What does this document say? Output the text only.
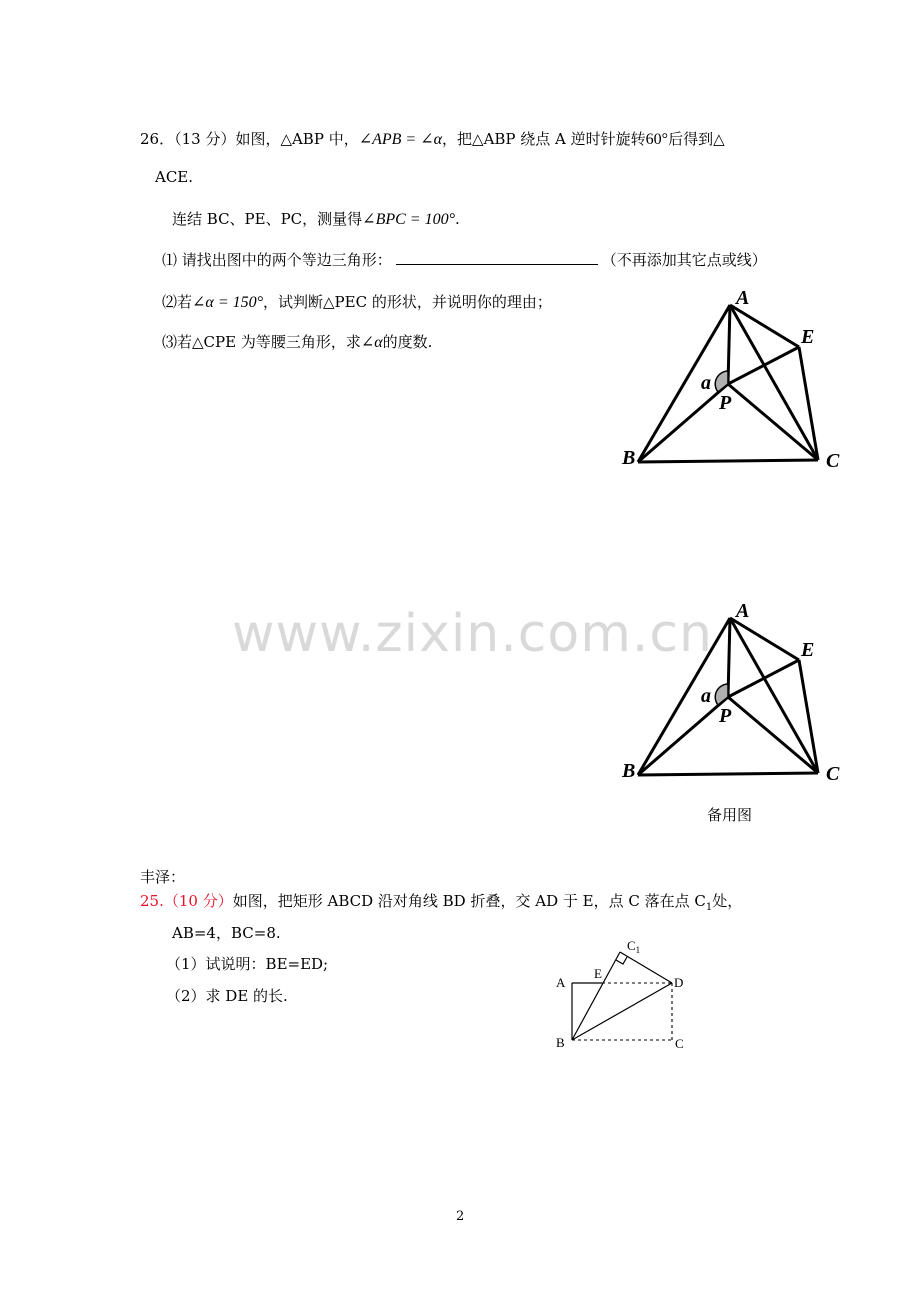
26．（13 分）如图，△ABP 中，∠APB = ∠α，把△ABP 绕点 A 逆时针旋转60°后得到△
ACE.
连结 BC、PE、PC，测量得∠BPC = 100°.
⑴ 请找出图中的两个等边三角形：	（不再添加其它点或线）
⑵若∠α = 150°，试判断△PEC 的形状，并说明你的理由；
⑶若△CPE 为等腰三角形，求∠α的度数.
A
E
a
P
B	C
www.zixin.com.cn A
E
a
P
B	C
备用图
丰泽：
25.（10 分）如图，把矩形 ABCD 沿对角线 BD 折叠，交 AD 于 E，点 C 落在点 $C_1$处，
AB=4，BC=8.
（1）试说明：BE=ED;
（2）求 DE 的长.
A
E
$C_1$
D
B	C
2
